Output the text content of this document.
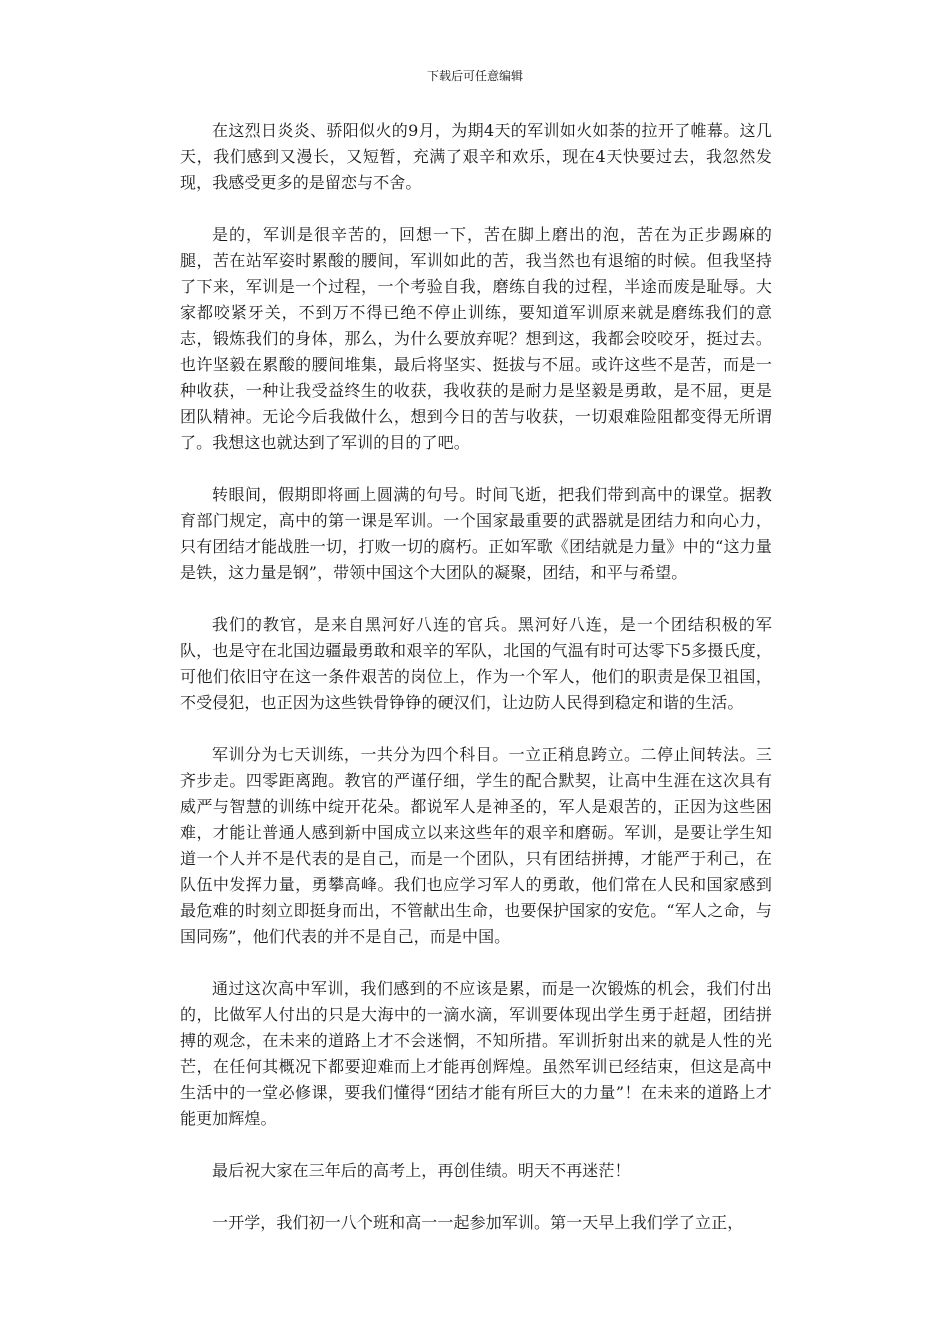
下载后可任意编辑

在这烈日炎炎、骄阳似火的9月，为期4天的军训如火如荼的拉开了帷幕。这几天，我们感到又漫长，又短暂，充满了艰辛和欢乐，现在4天快要过去，我忽然发现，我感受更多的是留恋与不舍。

是的，军训是很辛苦的，回想一下，苦在脚上磨出的泡，苦在为正步踢麻的腿，苦在站军姿时累酸的腰间，军训如此的苦，我当然也有退缩的时候。但我坚持了下来，军训是一个过程，一个考验自我，磨练自我的过程，半途而废是耻辱。大家都咬紧牙关，不到万不得已绝不停止训练，要知道军训原来就是磨练我们的意志，锻炼我们的身体，那么，为什么要放弃呢？想到这，我都会咬咬牙，挺过去。也许坚毅在累酸的腰间堆集，最后将坚实、挺拔与不屈。或许这些不是苦，而是一种收获，一种让我受益终生的收获，我收获的是耐力是坚毅是勇敢，是不屈，更是团队精神。无论今后我做什么，想到今日的苦与收获，一切艰难险阻都变得无所谓了。我想这也就达到了军训的目的了吧。

转眼间，假期即将画上圆满的句号。时间飞逝，把我们带到高中的课堂。据教育部门规定，高中的第一课是军训。一个国家最重要的武器就是团结力和向心力，只有团结才能战胜一切，打败一切的腐朽。正如军歌《团结就是力量》中的“这力量是铁，这力量是钢”，带领中国这个大团队的凝聚，团结，和平与希望。

我们的教官，是来自黑河好八连的官兵。黑河好八连，是一个团结积极的军队，也是守在北国边疆最勇敢和艰辛的军队，北国的气温有时可达零下5多摄氏度，可他们依旧守在这一条件艰苦的岗位上，作为一个军人，他们的职责是保卫祖国，不受侵犯，也正因为这些铁骨铮铮的硬汉们，让边防人民得到稳定和谐的生活。

军训分为七天训练，一共分为四个科目。一立正稍息跨立。二停止间转法。三齐步走。四零距离跑。教官的严谨仔细，学生的配合默契，让高中生涯在这次具有威严与智慧的训练中绽开花朵。都说军人是神圣的，军人是艰苦的，正因为这些困难，才能让普通人感到新中国成立以来这些年的艰辛和磨砺。军训，是要让学生知道一个人并不是代表的是自己，而是一个团队，只有团结拼搏，才能严于利己，在队伍中发挥力量，勇攀高峰。我们也应学习军人的勇敢，他们常在人民和国家感到最危难的时刻立即挺身而出，不管献出生命，也要保护国家的安危。“军人之命，与国同殇”，他们代表的并不是自己，而是中国。

通过这次高中军训，我们感到的不应该是累，而是一次锻炼的机会，我们付出的，比做军人付出的只是大海中的一滴水滴，军训要体现出学生勇于赶超，团结拼搏的观念，在未来的道路上才不会迷惘，不知所措。军训折射出来的就是人性的光芒，在任何其概况下都要迎难而上才能再创辉煌。虽然军训已经结束，但这是高中生活中的一堂必修课，要我们懂得“团结才能有所巨大的力量”！在未来的道路上才能更加辉煌。

最后祝大家在三年后的高考上，再创佳绩。明天不再迷茫！

一开学，我们初一八个班和高一一起参加军训。第一天早上我们学了立正，
